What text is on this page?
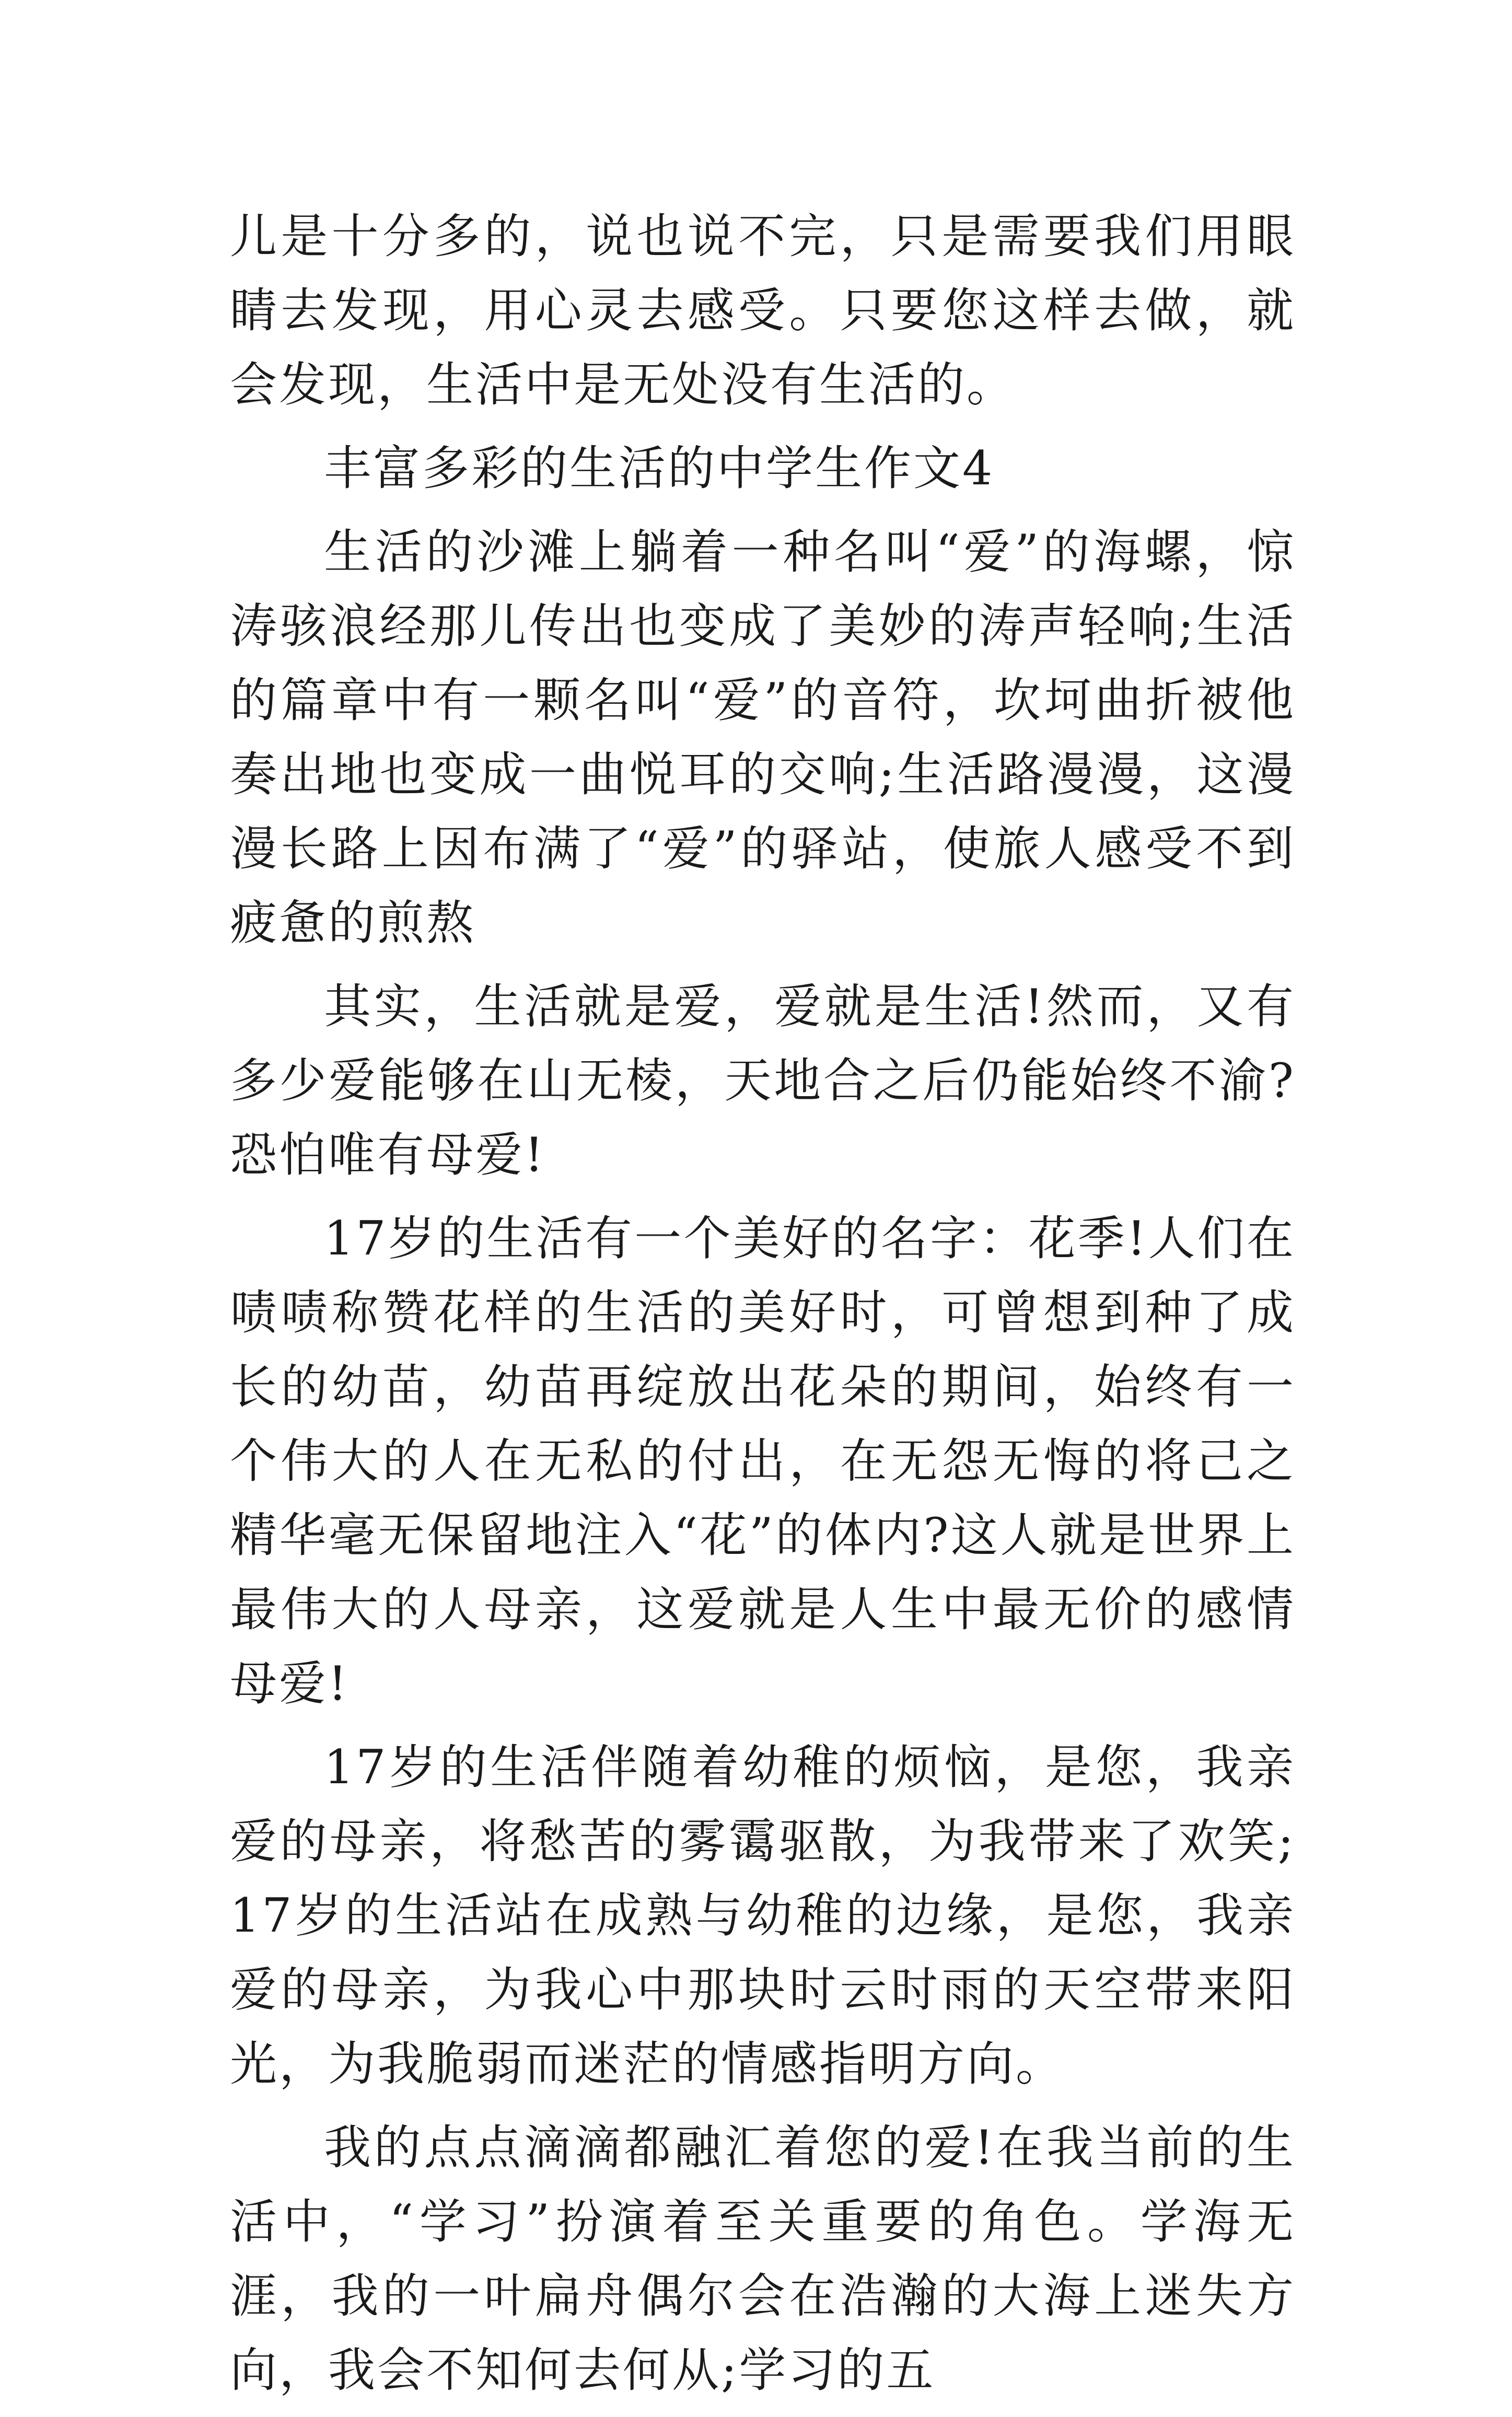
儿是十分多的，说也说不完，只是需要我们用眼睛去发现，用心灵去感受。只要您这样去做，就会发现，生活中是无处没有生活的。

丰富多彩的生活的中学生作文4

生活的沙滩上躺着一种名叫“爱”的海螺，惊涛骇浪经那儿传出也变成了美妙的涛声轻响;生活的篇章中有一颗名叫“爱”的音符，坎坷曲折被他奏出地也变成一曲悦耳的交响;生活路漫漫，这漫漫长路上因布满了“爱”的驿站，使旅人感受不到疲惫的煎熬

其实，生活就是爱，爱就是生活!然而，又有多少爱能够在山无棱，天地合之后仍能始终不渝?恐怕唯有母爱!

17岁的生活有一个美好的名字：花季!人们在啧啧称赞花样的生活的美好时，可曾想到种了成长的幼苗，幼苗再绽放出花朵的期间，始终有一个伟大的人在无私的付出，在无怨无悔的将己之精华毫无保留地注入“花”的体内?这人就是世界上最伟大的人母亲，这爱就是人生中最无价的感情母爱!

17岁的生活伴随着幼稚的烦恼，是您，我亲爱的母亲，将愁苦的雾霭驱散，为我带来了欢笑;17岁的生活站在成熟与幼稚的边缘，是您，我亲爱的母亲，为我心中那块时云时雨的天空带来阳光，为我脆弱而迷茫的情感指明方向。

我的点点滴滴都融汇着您的爱!在我当前的生活中，“学习”扮演着至关重要的角色。学海无涯，我的一叶扁舟偶尔会在浩瀚的大海上迷失方向，我会不知何去何从;学习的五
